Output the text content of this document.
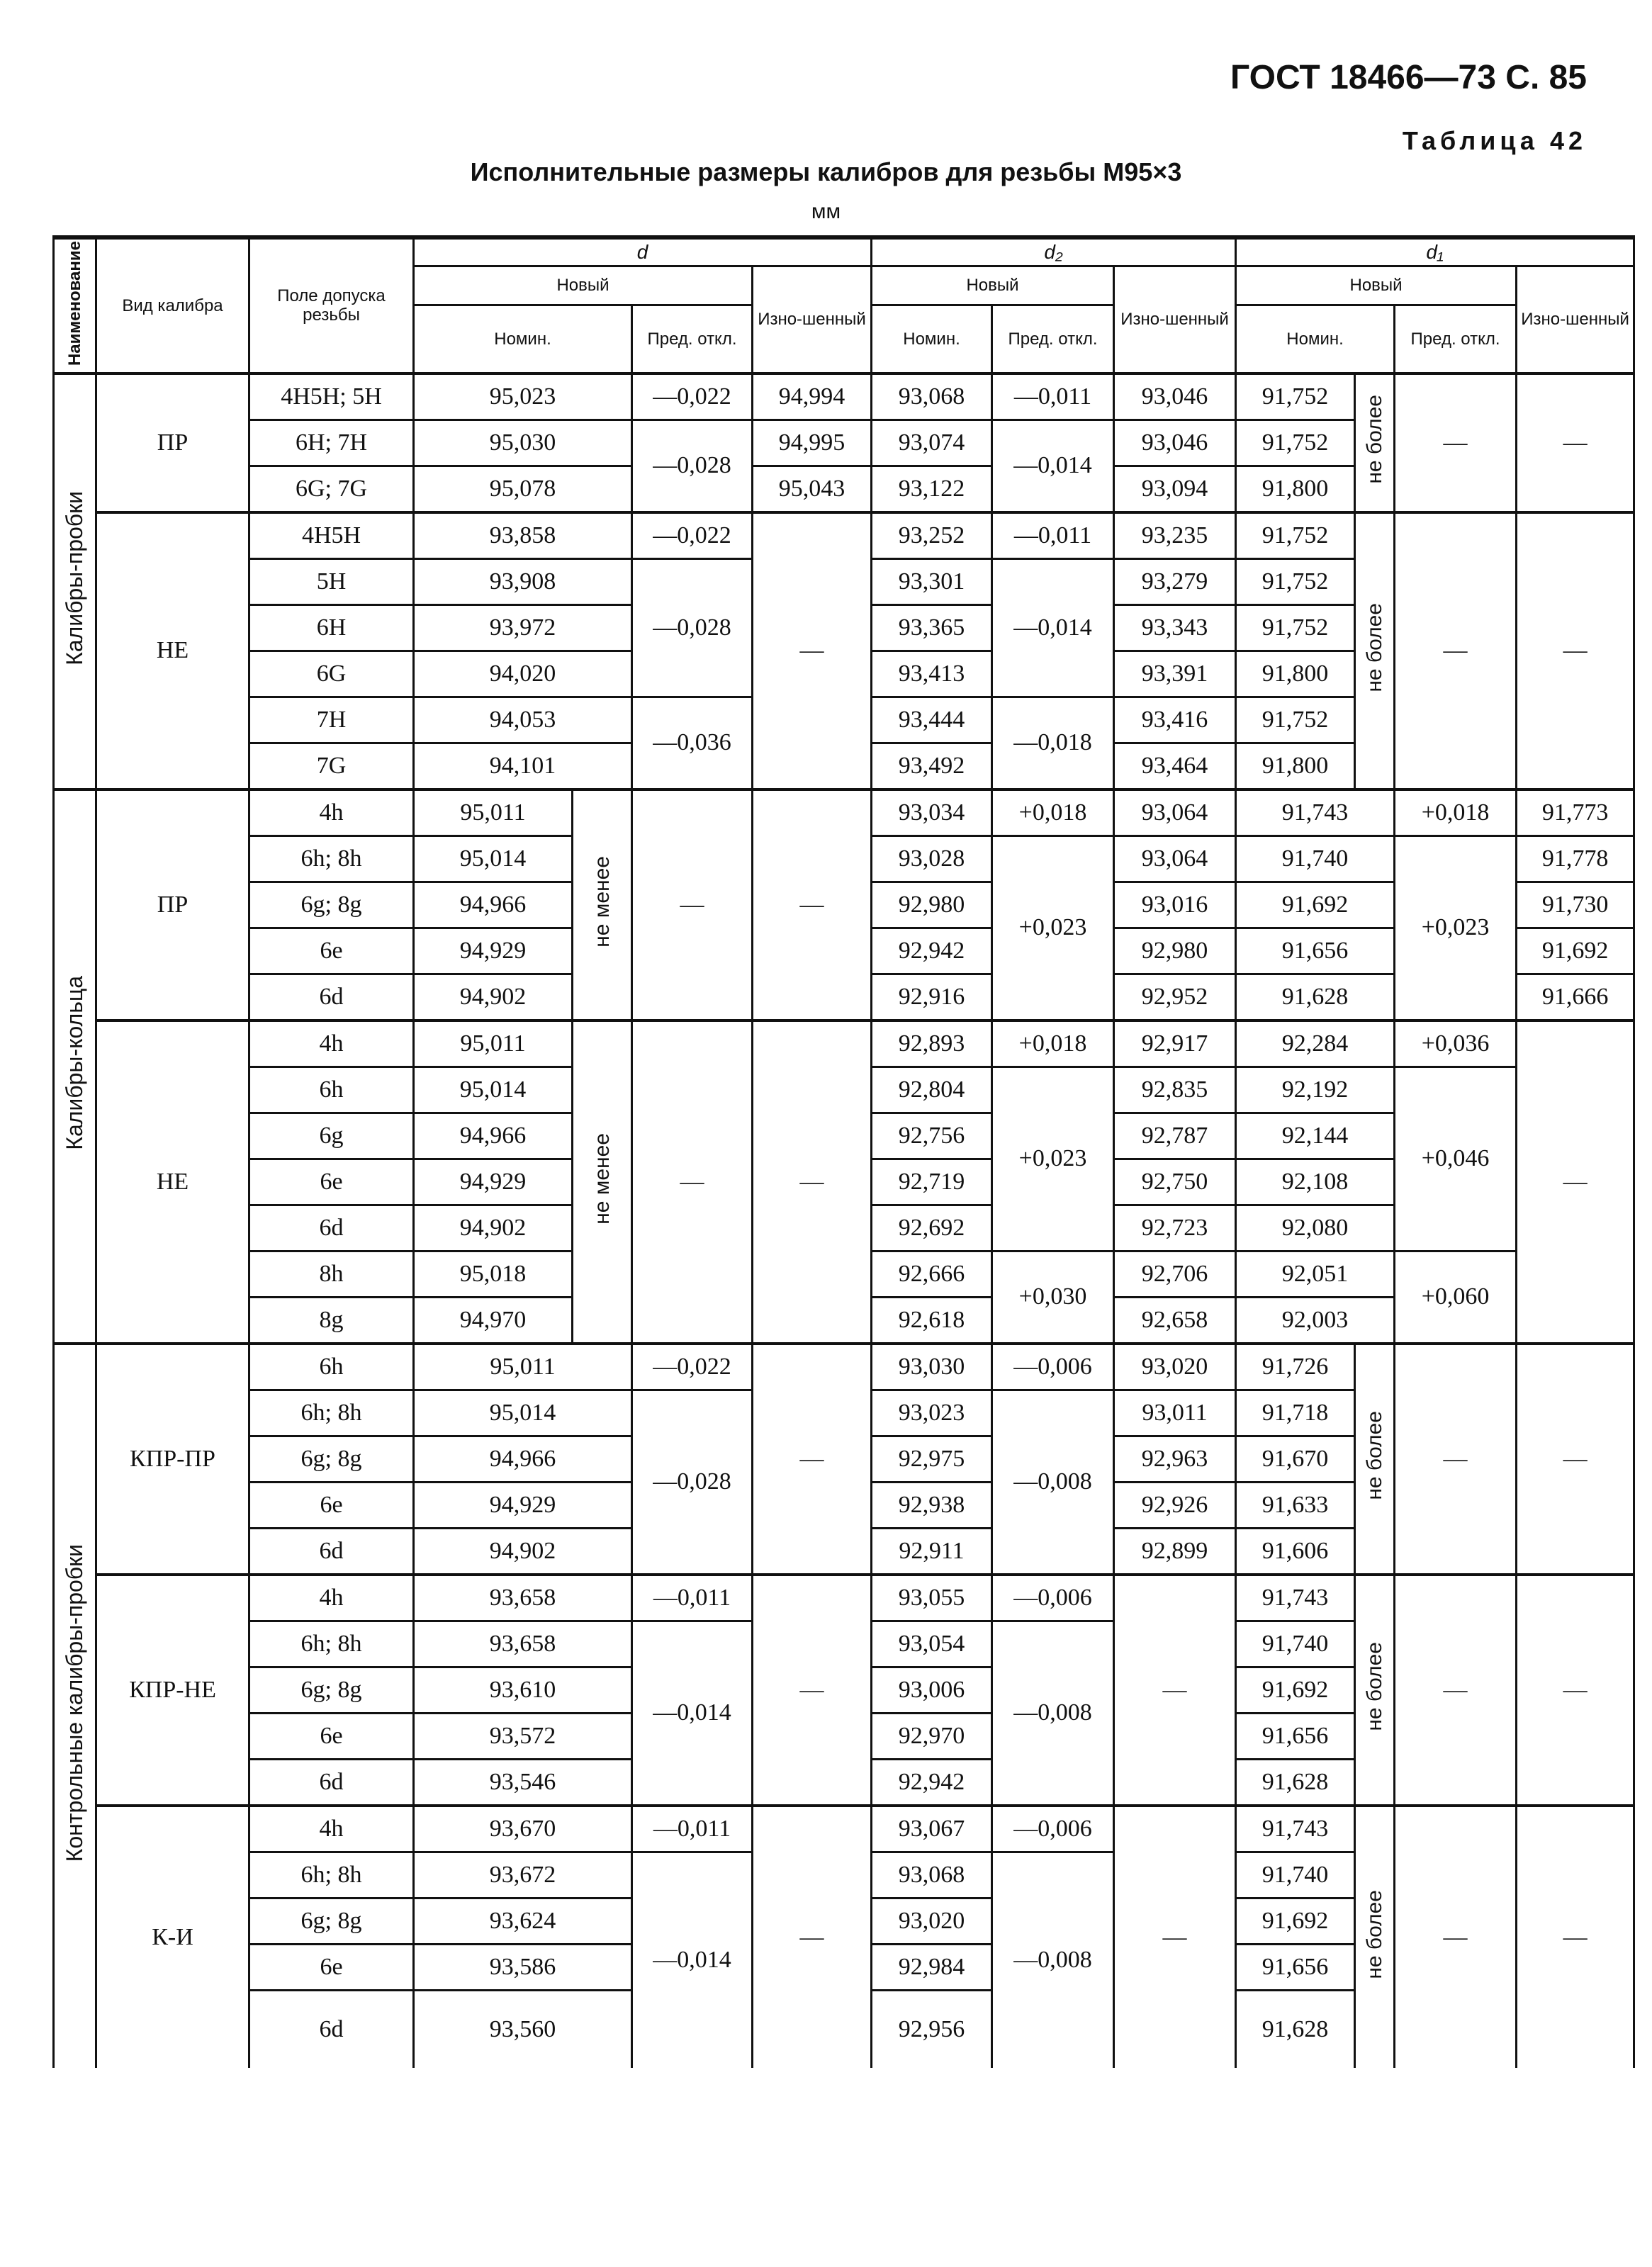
ГОСТ 18466—73 С. 85
Таблица 42
Исполнительные размеры калибров для резьбы М95×3
мм
Наименование	Вид калибра	Поле допуска резьбы	d				d₂			d₁			
			Новый			Изно-шенный	Новый		Изно-шенный	Новый			Изно-шенный
			Номин.		Пред. откл.		Номин.	Пред. откл.		Номин.		Пред. откл.	
Калибры-пробки	ПР	4H5H; 5H	95,023		—0,022	94,994	93,068	—0,011	93,046	91,752	не более	—	—
		6H; 7H	95,030		—0,028	94,995	93,074	—0,014	93,046	91,752			
		6G; 7G	95,078			95,043	93,122		93,094	91,800			
	НЕ	4H5H	93,858		—0,022	—	93,252	—0,011	93,235	91,752	не более	—	—
		5H	93,908		—0,028		93,301	—0,014	93,279	91,752			
		6H	93,972				93,365		93,343	91,752			
		6G	94,020				93,413		93,391	91,800			
		7H	94,053		—0,036		93,444	—0,018	93,416	91,752			
		7G	94,101				93,492		93,464	91,800			
Калибры-кольца	ПР	4h	95,011	не менее	—	—	93,034	+0,018	93,064	91,743		+0,018	91,773
		6h; 8h	95,014				93,028	+0,023	93,064	91,740		+0,023	91,778
		6g; 8g	94,966				92,980		93,016	91,692			91,730
		6e	94,929				92,942		92,980	91,656			91,692
		6d	94,902				92,916		92,952	91,628			91,666
	НЕ	4h	95,011	не менее	—	—	92,893	+0,018	92,917	92,284		+0,036	—
		6h	95,014				92,804	+0,023	92,835	92,192		+0,046	
		6g	94,966				92,756		92,787	92,144			
		6e	94,929				92,719		92,750	92,108			
		6d	94,902				92,692		92,723	92,080			
		8h	95,018				92,666	+0,030	92,706	92,051		+0,060	
		8g	94,970				92,618		92,658	92,003			
Контрольные калибры-пробки	КПР-ПР	6h	95,011		—0,022	—	93,030	—0,006	93,020	91,726	не более	—	—
		6h; 8h	95,014		—0,028		93,023	—0,008	93,011	91,718			
		6g; 8g	94,966				92,975		92,963	91,670			
		6e	94,929				92,938		92,926	91,633			
		6d	94,902				92,911		92,899	91,606			
	КПР-НЕ	4h	93,658		—0,011	—	93,055	—0,006	—	91,743	не более	—	—
		6h; 8h	93,658		—0,014		93,054	—0,008		91,740			
		6g; 8g	93,610				93,006			91,692			
		6e	93,572				92,970			91,656			
		6d	93,546				92,942			91,628			
	К-И	4h	93,670		—0,011	—	93,067	—0,006	—	91,743	не более	—	—
		6h; 8h	93,672		—0,014		93,068	—0,008		91,740			
		6g; 8g	93,624				93,020			91,692			
		6e	93,586				92,984			91,656			
		6d	93,560				92,956			91,628			
